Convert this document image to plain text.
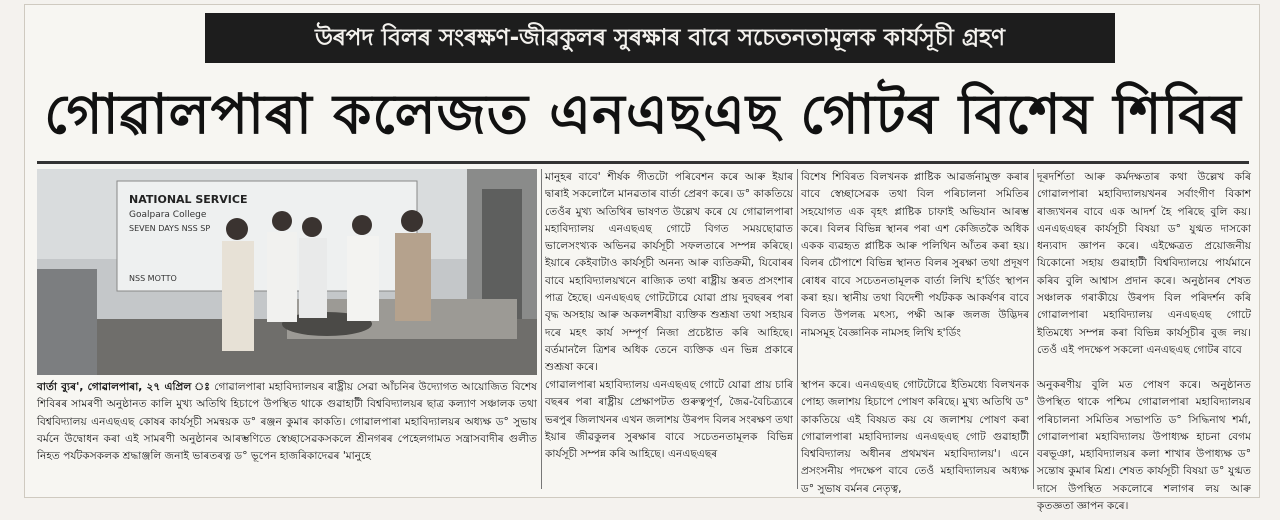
উৰপদ বিলৰ সংৰক্ষণ-জীৱকুলৰ সুৰক্ষাৰ বাবে সচেতনতামূলক কাৰ্যসূচী গ্ৰহণ
গোৱালপাৰা কলেজত এনএছএছ গোটৰ বিশেষ শিবিৰ
NATIONAL SERVICE
Goalpara College
SEVEN DAYS NSS SP
NSS MOTTO
বাৰ্তা ব্যুৰ', গোৱালপাৰা, ২৭ এপ্ৰিল ঃ গোৱালপাৰা মহাবিদ্যালয়ৰ ৰাষ্ট্ৰীয় সেৱা আঁচনিৰ উদ্যোগত আয়োজিত বিশেষ শিবিৰৰ সামৰণী অনুষ্ঠানত কালি মুখ্য অতিথি হিচাপে উপস্থিত থাকে গুৱাহাটী বিশ্ববিদ্যালয়ৰ ছাত্ৰ কল্যাণ সঞ্চালক তথা বিশ্ববিদ্যালয় এনএছএছ কোষৰ কাৰ্যসূচী সমন্বয়ক ড° ৰঞ্জন কুমাৰ কাকতি। গোৱালপাৰা মহাবিদ্যালয়ৰ অধ্যক্ষ ড° সুভাষ বৰ্মনে উদ্বোধন কৰা এই সামৰণী অনুষ্ঠানৰ আৰম্ভণিতে স্বেচ্ছাসেৱকসকলে শ্ৰীনগৰৰ পেহেলগামত সন্ত্ৰাসবাদীৰ গুলীত নিহত পৰ্যটকসকলক শ্ৰদ্ধাঞ্জলি জনাই ভাৰতৰত্ন ড° ভূপেন হাজৰিকাদেৱৰ 'মানুহে
মানুহৰ বাবে' শীৰ্ষক গীতটো পৰিবেশন কৰে আৰু ইয়াৰ দ্বাৰাই সকলোলৈ মানৱতাৰ বাৰ্তা প্ৰেৰণ কৰে। ড° কাকতিয়ে তেওঁৰ মুখ্য অতিথিৰ ভাষণত উল্লেখ কৰে যে গোৱালপাৰা মহাবিদ্যালয় এনএছএছ গোটে বিগত সময়ছোৱাত ভালেসংখ্যক অভিনৱ কাৰ্যসূচী সফলতাৰে সম্পন্ন কৰিছে। ইয়াৰে কেইবাটাও কাৰ্যসূচী অনন্য আৰু ব্যতিক্ৰমী, যিবোৰৰ বাবে মহাবিদ্যালয়খনে ৰাজ্যিক তথা ৰাষ্ট্ৰীয় স্তৰত প্ৰসংশাৰ পাত্ৰ হৈছে। এনএছএছ গোটটোৱে যোৱা প্ৰায় দুবছৰৰ পৰা বৃদ্ধ অসহায় আৰু অকলশৰীয়া ব্যক্তিক শুশ্ৰূষা তথা সহায়ৰ দৰে মহৎ কাৰ্য সম্পূৰ্ণ নিজা প্ৰচেষ্টাত কৰি আহিছে। বৰ্তমানলৈ ত্ৰিশৰ অধিক তেনে ব্যক্তিক এন ভিন্ন প্ৰকাৰে শুশ্ৰূষা কৰে।
গোৱালপাৰা মহাবিদ্যালয় এনএছএছ গোটে যোৱা প্ৰায় চাৰি বছৰৰ পৰা ৰাষ্ট্ৰীয় প্ৰেক্ষাপটত গুৰুত্বপূৰ্ণ, জৈৱ-বৈচিত্ৰ্যৰে ভৰপুৰ জিলাখনৰ এখন জলাশয় উৰপদ বিলৰ সংৰক্ষণ তথা ইয়াৰ জীৱকুলৰ সুৰক্ষাৰ বাবে সচেতনতামূলক বিভিন্ন কাৰ্যসূচী সম্পন্ন কৰি আহিছে। এনএছএছৰ
বিশেষ শিবিৰত বিলখনক প্লাষ্টিক আৱৰ্জনামুক্ত কৰাৰ বাবে স্বেচ্ছাসেৱক তথা বিল পৰিচালনা সমিতিৰ সহযোগত এক বৃহৎ প্লাষ্টিক চাফাই অভিযান আৰম্ভ কৰে। বিলৰ বিভিন্ন স্থানৰ পৰা এশ কেজিতকৈ অধিক একক ব্যৱহৃত প্লাষ্টিক আৰু পলিথিন আঁতৰ কৰা হয়। বিলৰ চৌপাশে বিভিন্ন স্থানত বিলৰ সুৰক্ষা তথা প্ৰদূষণ ৰোধৰ বাবে সচেতনতামূলক বাৰ্তা লিখি হ'ৰ্ডিং স্থাপন কৰা হয়। স্থানীয় তথা বিদেশী পৰ্যটকক আকৰ্ষণৰ বাবে বিলত উপলব্ধ মৎস্য, পক্ষী আৰু জলজ উদ্ভিদৰ নামসমূহ বৈজ্ঞানিক নামসহ লিখি হ'ৰ্ডিং
স্থাপন কৰে। এনএছএছ গোটটোৱে ইতিমধ্যে বিলখনক পোহ্য জলাশয় হিচাপে পোষণ কৰিছে। মুখ্য অতিথি ড° কাকতিয়ে এই বিষয়ত কয় যে জলাশয় পোষণ কৰা গোৱালপাৰা মহাবিদ্যালয় এনএছএছ গোট গুৱাহাটী বিশ্ববিদ্যালয় অধীনৰ প্ৰথমখন মহাবিদ্যালয়'। এনে প্ৰসংসনীয় পদক্ষেপ বাবে তেওঁ মহাবিদ্যালয়ৰ অধ্যক্ষ ড° সুভাষ বৰ্মনৰ নেতৃত্ব,
দূৰদৰ্শিতা আৰু কৰ্মদক্ষতাৰ কথা উল্লেখ কৰি গোৱালপাৰা মহাবিদ্যালয়খনৰ সৰ্বাংগীণ বিকাশ ৰাজ্যখনৰ বাবে এক আদৰ্শ হৈ পৰিছে বুলি কয়। এনএছএছৰ কাৰ্যসূচী বিষয়া ড° যুগ্মত দাসকো ধন্যবাদ জ্ঞাপন কৰে। এইক্ষেত্ৰত প্ৰয়োজনীয় যিকোনো সহায় গুৱাহাটী বিশ্ববিদ্যালয়ে পাৰ্যমানে কৰিব বুলি আশ্বাস প্ৰদান কৰে। অনুষ্ঠানৰ শেষত সঞ্চালক গৰাকীয়ে উৰপদ বিল পৰিদৰ্শন কৰি গোৱালপাৰা মহাবিদ্যালয় এনএছএছ গোটে ইতিমধ্যে সম্পন্ন কৰা বিভিন্ন কাৰ্যসূচীৰ বুজ লয়। তেওঁ এই পদক্ষেপ সকলো এনএছএছ গোটৰ বাবে
অনুকৰণীয় বুলি মত পোষণ কৰে। অনুষ্ঠানত উপস্থিত থাকে পশ্চিম গোৱালপাৰা মহাবিদ্যালয়ৰ পৰিচালনা সমিতিৰ সভাপতি ড° সিদ্ধিনাথ শৰ্মা, গোৱালপাৰা মহাবিদ্যালয় উপাধ্যক্ষ হাচনা বেগম বৰভূঞা, মহাবিদ্যালয়ৰ কলা শাখাৰ উপাধ্যক্ষ ড° সন্তোষ কুমাৰ মিশ্ৰ। শেষত কাৰ্যসূচী বিষয়া ড° যুগ্মত দাসে উপস্থিত সকলোৰে শলাগৰ লয় আৰু কৃতজ্ঞতা জ্ঞাপন কৰে।
